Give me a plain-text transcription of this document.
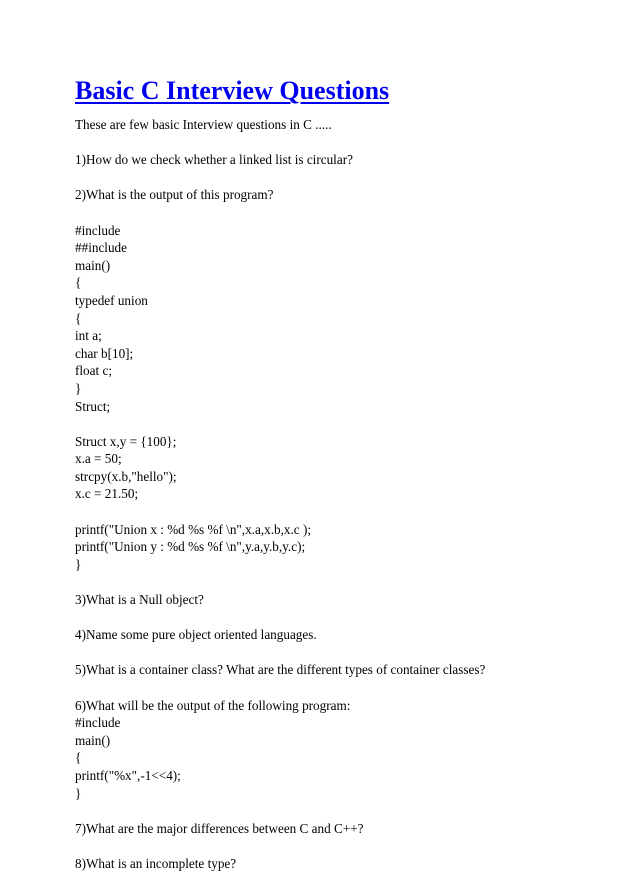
Basic C Interview Questions
These are few basic Interview questions in C .....
1)How do we check whether a linked list is circular?
2)What is the output of this program?
#include
##include
main()
{
typedef union
{
int a;
char b[10];
float c;
}
Struct;
Struct x,y = {100};
x.a = 50;
strcpy(x.b,"hello");
x.c = 21.50;
printf("Union x : %d %s %f \n",x.a,x.b,x.c );
printf("Union y : %d %s %f \n",y.a,y.b,y.c);
}
3)What is a Null object?
4)Name some pure object oriented languages.
5)What is a container class? What are the different types of container classes?
6)What will be the output of the following program:
#include
main()
{
printf("%x",-1<<4);
}
7)What are the major differences between C and C++?
8)What is an incomplete type?
